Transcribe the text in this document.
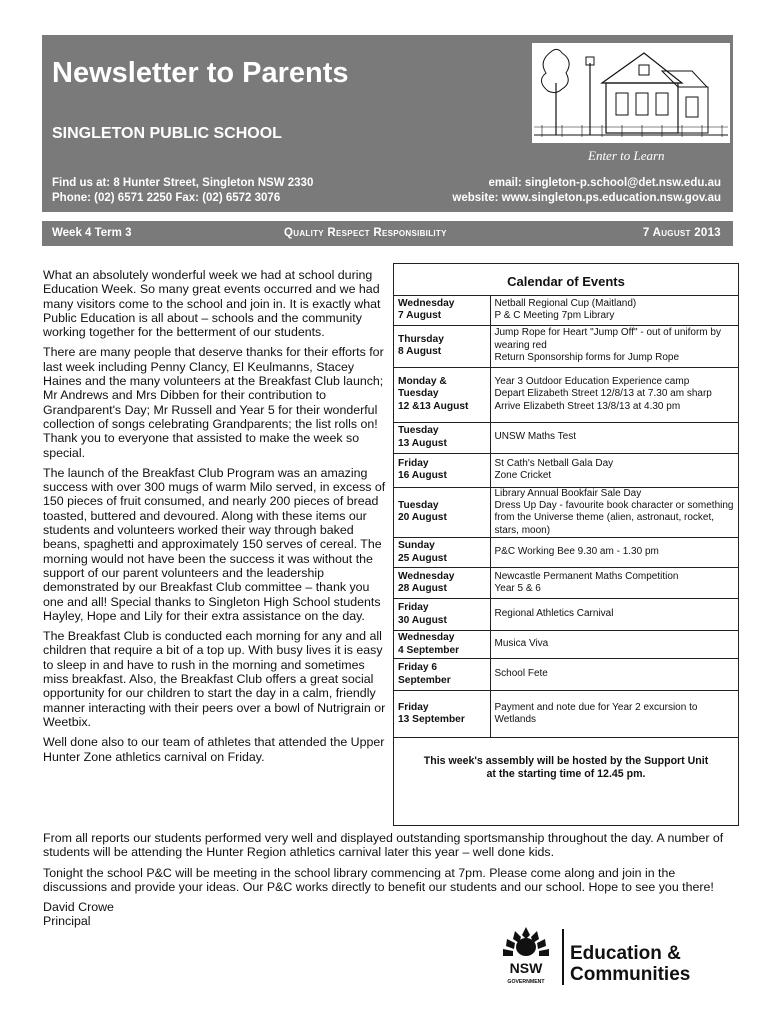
Newsletter to Parents
SINGLETON PUBLIC SCHOOL
Enter to Learn
Find us at: 8 Hunter Street, Singleton NSW 2330
Phone: (02) 6571 2250 Fax: (02) 6572 3076
email: singleton-p.school@det.nsw.edu.au
website: www.singleton.ps.education.nsw.gov.au
Week 4 Term 3	Quality Respect Responsibility	7 August 2013

What an absolutely wonderful week we had at school during Education Week. So many great events occurred and we had many visitors come to the school and join in. It is exactly what Public Education is all about – schools and the community working together for the betterment of our students.

There are many people that deserve thanks for their efforts for last week including Penny Clancy, El Keulmanns, Stacey Haines and the many volunteers at the Breakfast Club launch; Mr Andrews and Mrs Dibben for their contribution to Grandparent's Day; Mr Russell and Year 5 for their wonderful collection of songs celebrating Grandparents; the list rolls on! Thank you to everyone that assisted to make the week so special.

The launch of the Breakfast Club Program was an amazing success with over 300 mugs of warm Milo served, in excess of 150 pieces of fruit consumed, and nearly 200 pieces of bread toasted, buttered and devoured. Along with these items our students and volunteers worked their way through baked beans, spaghetti and approximately 150 serves of cereal. The morning would not have been the success it was without the support of our parent volunteers and the leadership demonstrated by our Breakfast Club committee – thank you one and all! Special thanks to Singleton High School students Hayley, Hope and Lily for their extra assistance on the day.

The Breakfast Club is conducted each morning for any and all children that require a bit of a top up. With busy lives it is easy to sleep in and have to rush in the morning and sometimes miss breakfast. Also, the Breakfast Club offers a great social opportunity for our children to start the day in a calm, friendly manner interacting with their peers over a bowl of Nutrigrain or Weetbix.

Well done also to our team of athletes that attended the Upper Hunter Zone athletics carnival on Friday.

From all reports our students performed very well and displayed outstanding sportsmanship throughout the day. A number of students will be attending the Hunter Region athletics carnival later this year – well done kids.

Tonight the school P&C will be meeting in the school library commencing at 7pm. Please come along and join in the discussions and provide your ideas. Our P&C works directly to benefit our students and our school. Hope to see you there!

David Crowe
Principal
Calendar of Events
Wednesday
7 August	Netball Regional Cup (Maitland)
P & C Meeting 7pm Library
Thursday
8 August	Jump Rope for Heart "Jump Off" - out of uniform by wearing red
Return Sponsorship forms for Jump Rope
Monday &
Tuesday
12 &13 August	Year 3 Outdoor Education Experience camp
Depart Elizabeth Street 12/8/13 at 7.30 am sharp
Arrive Elizabeth Street 13/8/13 at 4.30 pm
Tuesday
13 August	UNSW Maths Test
Friday
16 August	St Cath's Netball Gala Day
Zone Cricket
Tuesday
20 August	Library Annual Bookfair Sale Day
Dress Up Day - favourite book character or something from the Universe theme (alien, astronaut, rocket, stars, moon)
Sunday
25 August	P&C Working Bee 9.30 am - 1.30 pm
Wednesday
28 August	Newcastle Permanent Maths Competition
Year 5 & 6
Friday
30 August	Regional Athletics Carnival
Wednesday
4 September	Musica Viva
Friday 6
September	School Fete
Friday
13 September	Payment and note due for Year 2 excursion to Wetlands
This week's assembly will be hosted by the Support Unit
at the starting time of 12.45 pm.
NSW
GOVERNMENT
Education &
Communities
